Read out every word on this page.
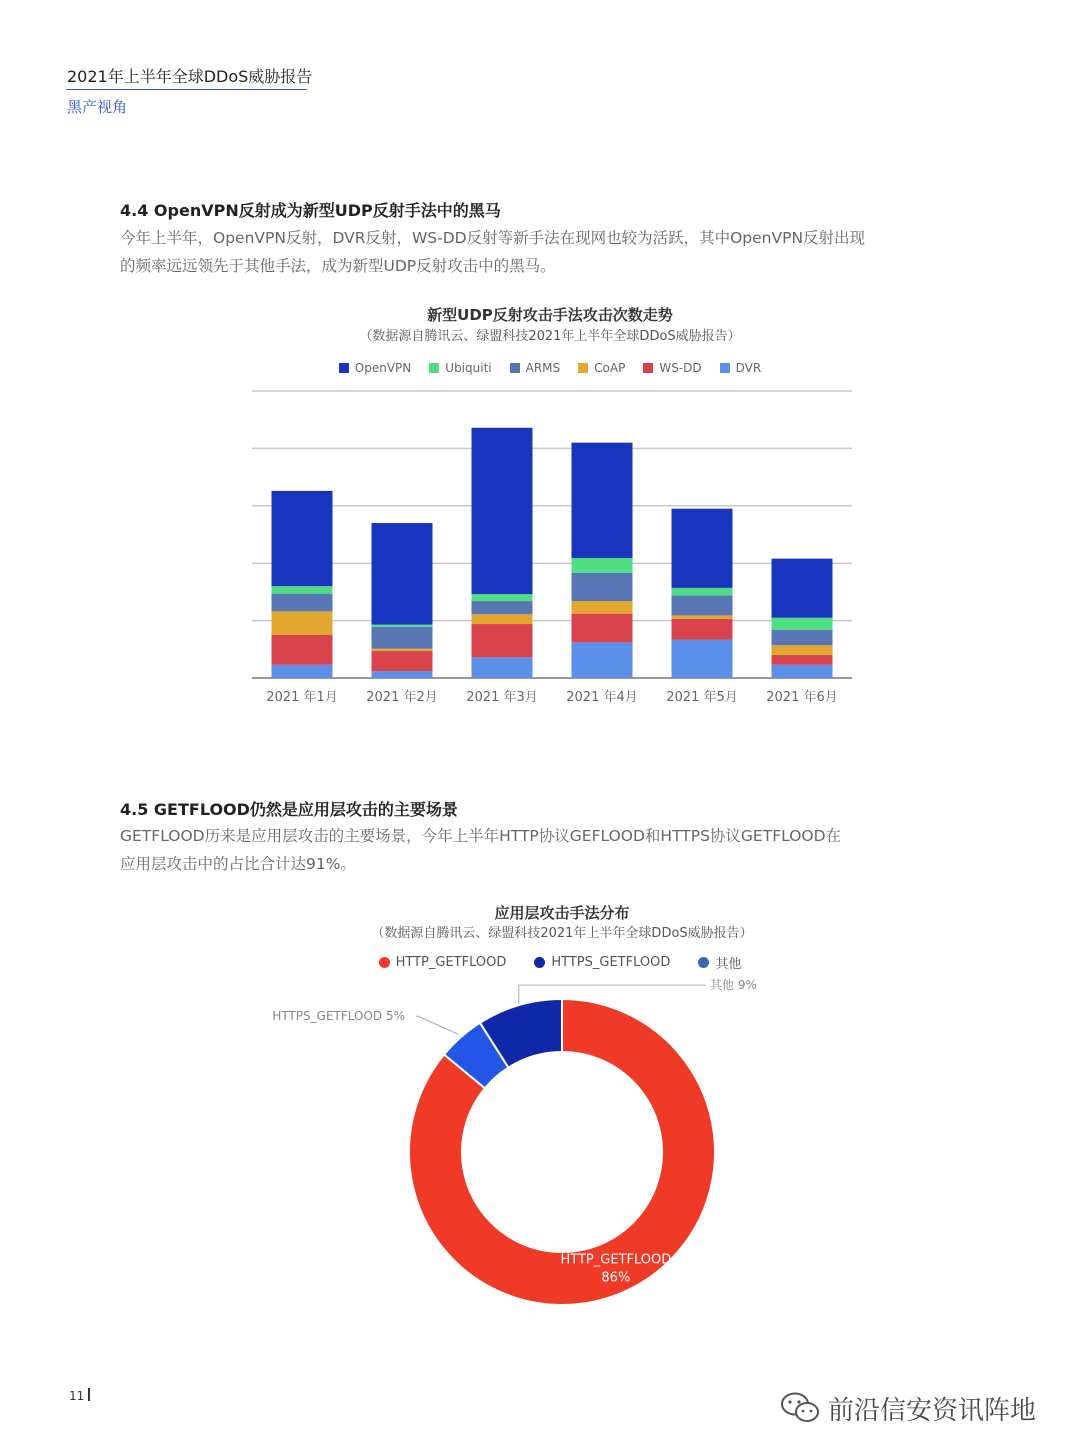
2021年上半年全球DDoS威胁报告
黑产视角
4.4 OpenVPN反射成为新型UDP反射手法中的黑马
今年上半年，OpenVPN反射，DVR反射，WS-DD反射等新手法在现网也较为活跃，其中OpenVPN反射出现
的频率远远领先于其他手法，成为新型UDP反射攻击中的黑马。
新型UDP反射攻击手法攻击次数走势
（数据源自腾讯云、绿盟科技2021年上半年全球DDoS威胁报告）
OpenVPN	Ubiquiti	ARMS	CoAP	WS-DD	DVR
2021 年1月 2021 年2月 2021 年3月 2021 年4月 2021 年5月 2021 年6月
4.5 GETFLOOD仍然是应用层攻击的主要场景
GETFLOOD历来是应用层攻击的主要场景，今年上半年HTTP协议GEFLOOD和HTTPS协议GETFLOOD在
应用层攻击中的占比合计达91%。
应用层攻击手法分布
（数据源自腾讯云、绿盟科技2021年上半年全球DDoS威胁报告）
HTTP_GETFLOOD	HTTPS_GETFLOOD	其他
HTTP_GETFLOOD
86%
HTTPS_GETFLOOD 5%
其他 9%
11	前沿信安资讯阵地
